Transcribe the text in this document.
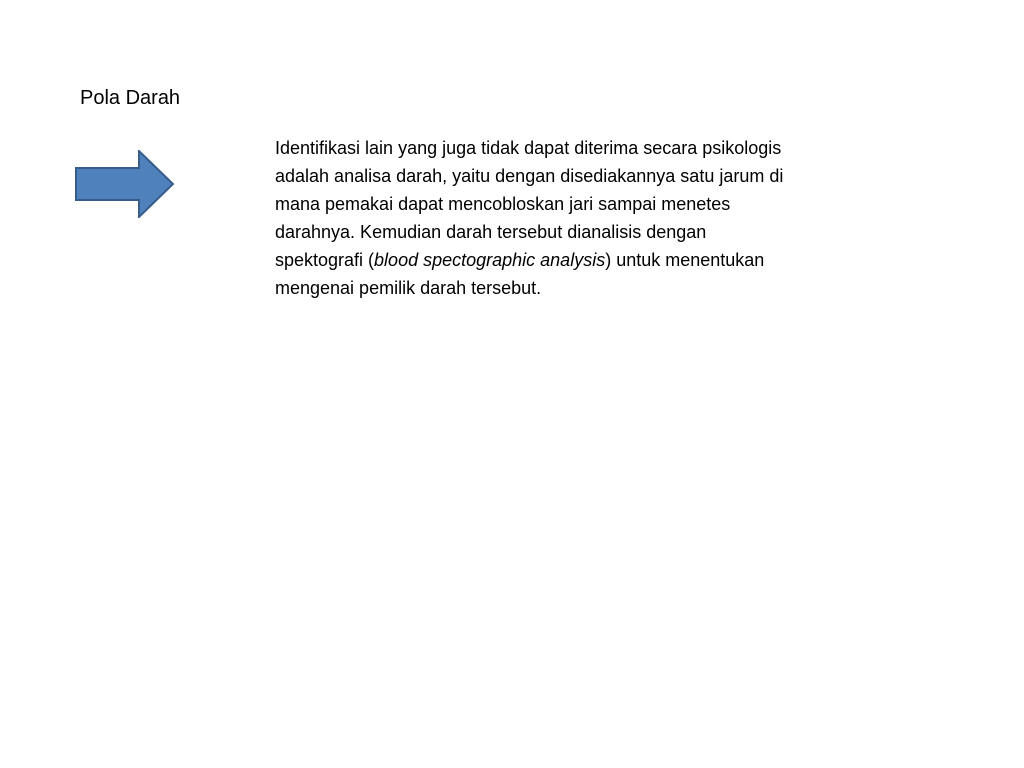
Pola Darah
Identifikasi lain yang juga tidak dapat diterima secara psikologis
adalah analisa darah, yaitu dengan disediakannya satu jarum di
mana pemakai dapat mencobloskan jari sampai menetes
darahnya. Kemudian darah tersebut dianalisis dengan
spektografi (blood spectographic analysis) untuk menentukan
mengenai pemilik darah tersebut.
